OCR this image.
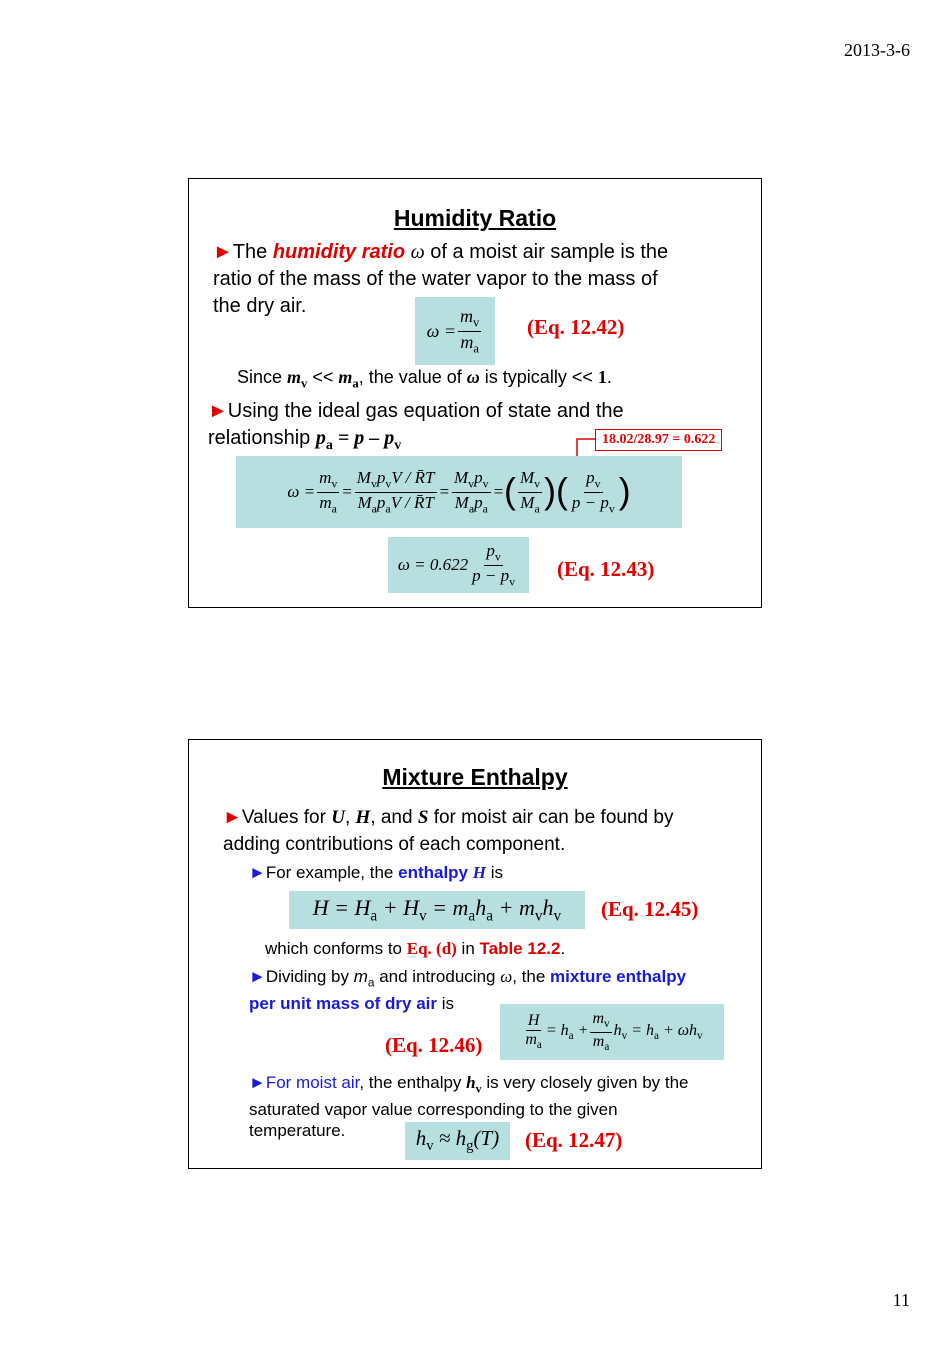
2013-3-6
Humidity Ratio
►The humidity ratio ω of a moist air sample is the
ratio of the mass of the water vapor to the mass of
the dry air.
$\omega = \frac{m_v}{m_a} (Eq$. 12.42)
Since $m_v << m_a$, the value of ω is typically << 1.
►Using the ideal gas equation of state and the
relationship $p_a = p - p_v$	18.02/28.97 = 0.622
$\omega = \frac{m_v}{m_a} = \frac{M_vp_vV / R̄T}{M_ap_aV / R̄T} = \frac{M_vp_v}{M_ap_a}$ = ( $\frac{M_v}{M_a}$ ) ( $\frac{p_v}{p - p_v}$ )
$\omega = 0.622 \frac{p_v}{p - p_v} (Eq$. 12.43)
Mixture Enthalpy
►Values for U, H, and S for moist air can be found by
adding contributions of each component.
►For example, the enthalpy H is
$H = H_a + H_v = m_ah_a + m_vh_v$ (Eq. 12.45)
which conforms to Eq. (d) in Table 12.2.
►Dividing by $m_a$ and introducing ω, the mixture enthalpy
per unit mass of dry air is
(Eq. 12.46)	$\frac{H}{m_a} = h_a + \frac{m_v}{m_a} h_v = h_a + \omega h_v$
►For moist air, the enthalpy $h_v$ is very closely given by the
saturated vapor value corresponding to the given
temperature.	$h_v \approx h_g(T)$ (Eq. 12.47)
11
